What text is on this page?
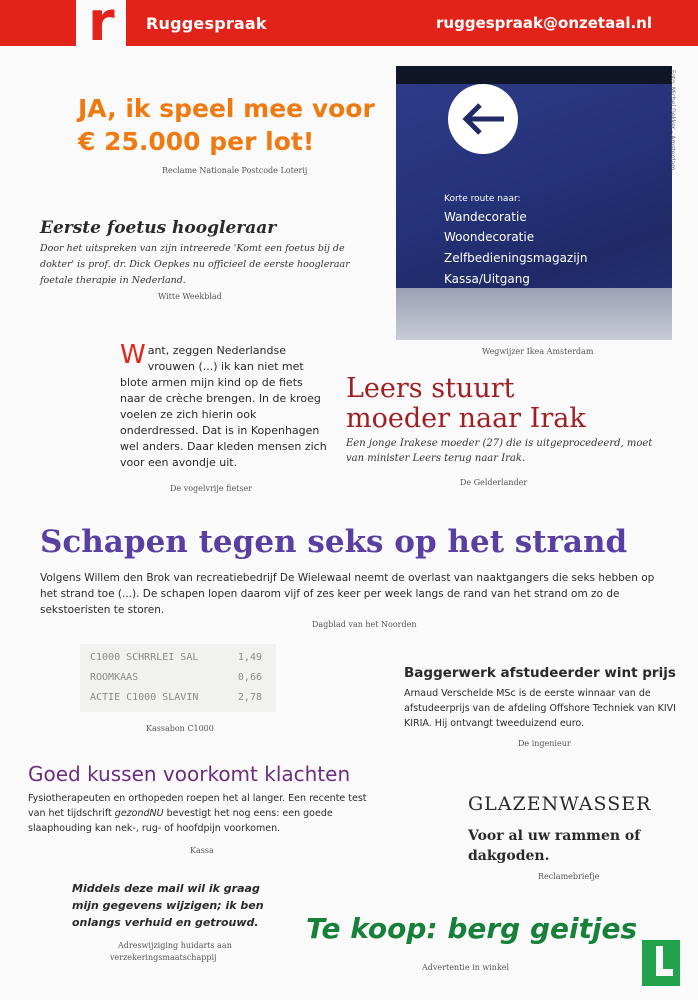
r Ruggespraak	ruggespraak@onzetaal.nl
JA, ik speel mee voor
€ 25.000 per lot!
Reclame Nationale Postcode Loterij
Korte route naar:
Wandecoratie
Woondecoratie
Zelfbedieningsmagazijn
Kassa/Uitgang
Foto: Michel Dekker - Amsterdam
Wegwijzer Ikea Amsterdam
Eerste foetus hoogleraar
Door het uitspreken van zijn intreerede 'Komt een foetus bij de dokter' is prof. dr. Dick Oepkes nu officieel de eerste hoogleraar foetale therapie in Nederland.
Witte Weekblad
Want, zeggen Nederlandse vrouwen (...) ik kan niet met blote armen mijn kind op de fiets naar de crèche brengen. In de kroeg voelen ze zich hierin ook onderdressed. Dat is in Kopenhagen wel anders. Daar kleden mensen zich voor een avondje uit.
De vogelvrije fietser
Leers stuurt
moeder naar Irak
Een jonge Irakese moeder (27) die is uitgeprocedeerd, moet van minister Leers terug naar Irak.
De Gelderlander
Schapen tegen seks op het strand
Volgens Willem den Brok van recreatiebedrijf De Wielewaal neemt de overlast van naaktgangers die seks hebben op het strand toe (...). De schapen lopen daarom vijf of zes keer per week langs de rand van het strand om zo de sekstoeristen te storen.
Dagblad van het Noorden
C1000 SCHRRLEI SAL	1,49
ROOMKAAS	0,66
ACTIE C1000 SLAVIN	2,78
Kassabon C1000
Baggerwerk afstudeerder wint prijs
Arnaud Verschelde MSc is de eerste winnaar van de afstudeerprijs van de afdeling Offshore Techniek van KIVI KIRIA. Hij ontvangt tweeduizend euro.
De ingenieur
Goed kussen voorkomt klachten
Fysiotherapeuten en orthopeden roepen het al langer. Een recente test van het tijdschrift gezondNU bevestigt het nog eens: een goede slaaphouding kan nek-, rug- of hoofdpijn voorkomen.
Kassa
GLAZENWASSER
Voor al uw rammen of dakgoden.
Reclamebriefje
Middels deze mail wil ik graag mijn gegevens wijzigen; ik ben onlangs verhuid en getrouwd.
Adreswijziging huidarts aan
verzekeringsmaatschappij
Te koop: berg geitjes
Advertentie in winkel
